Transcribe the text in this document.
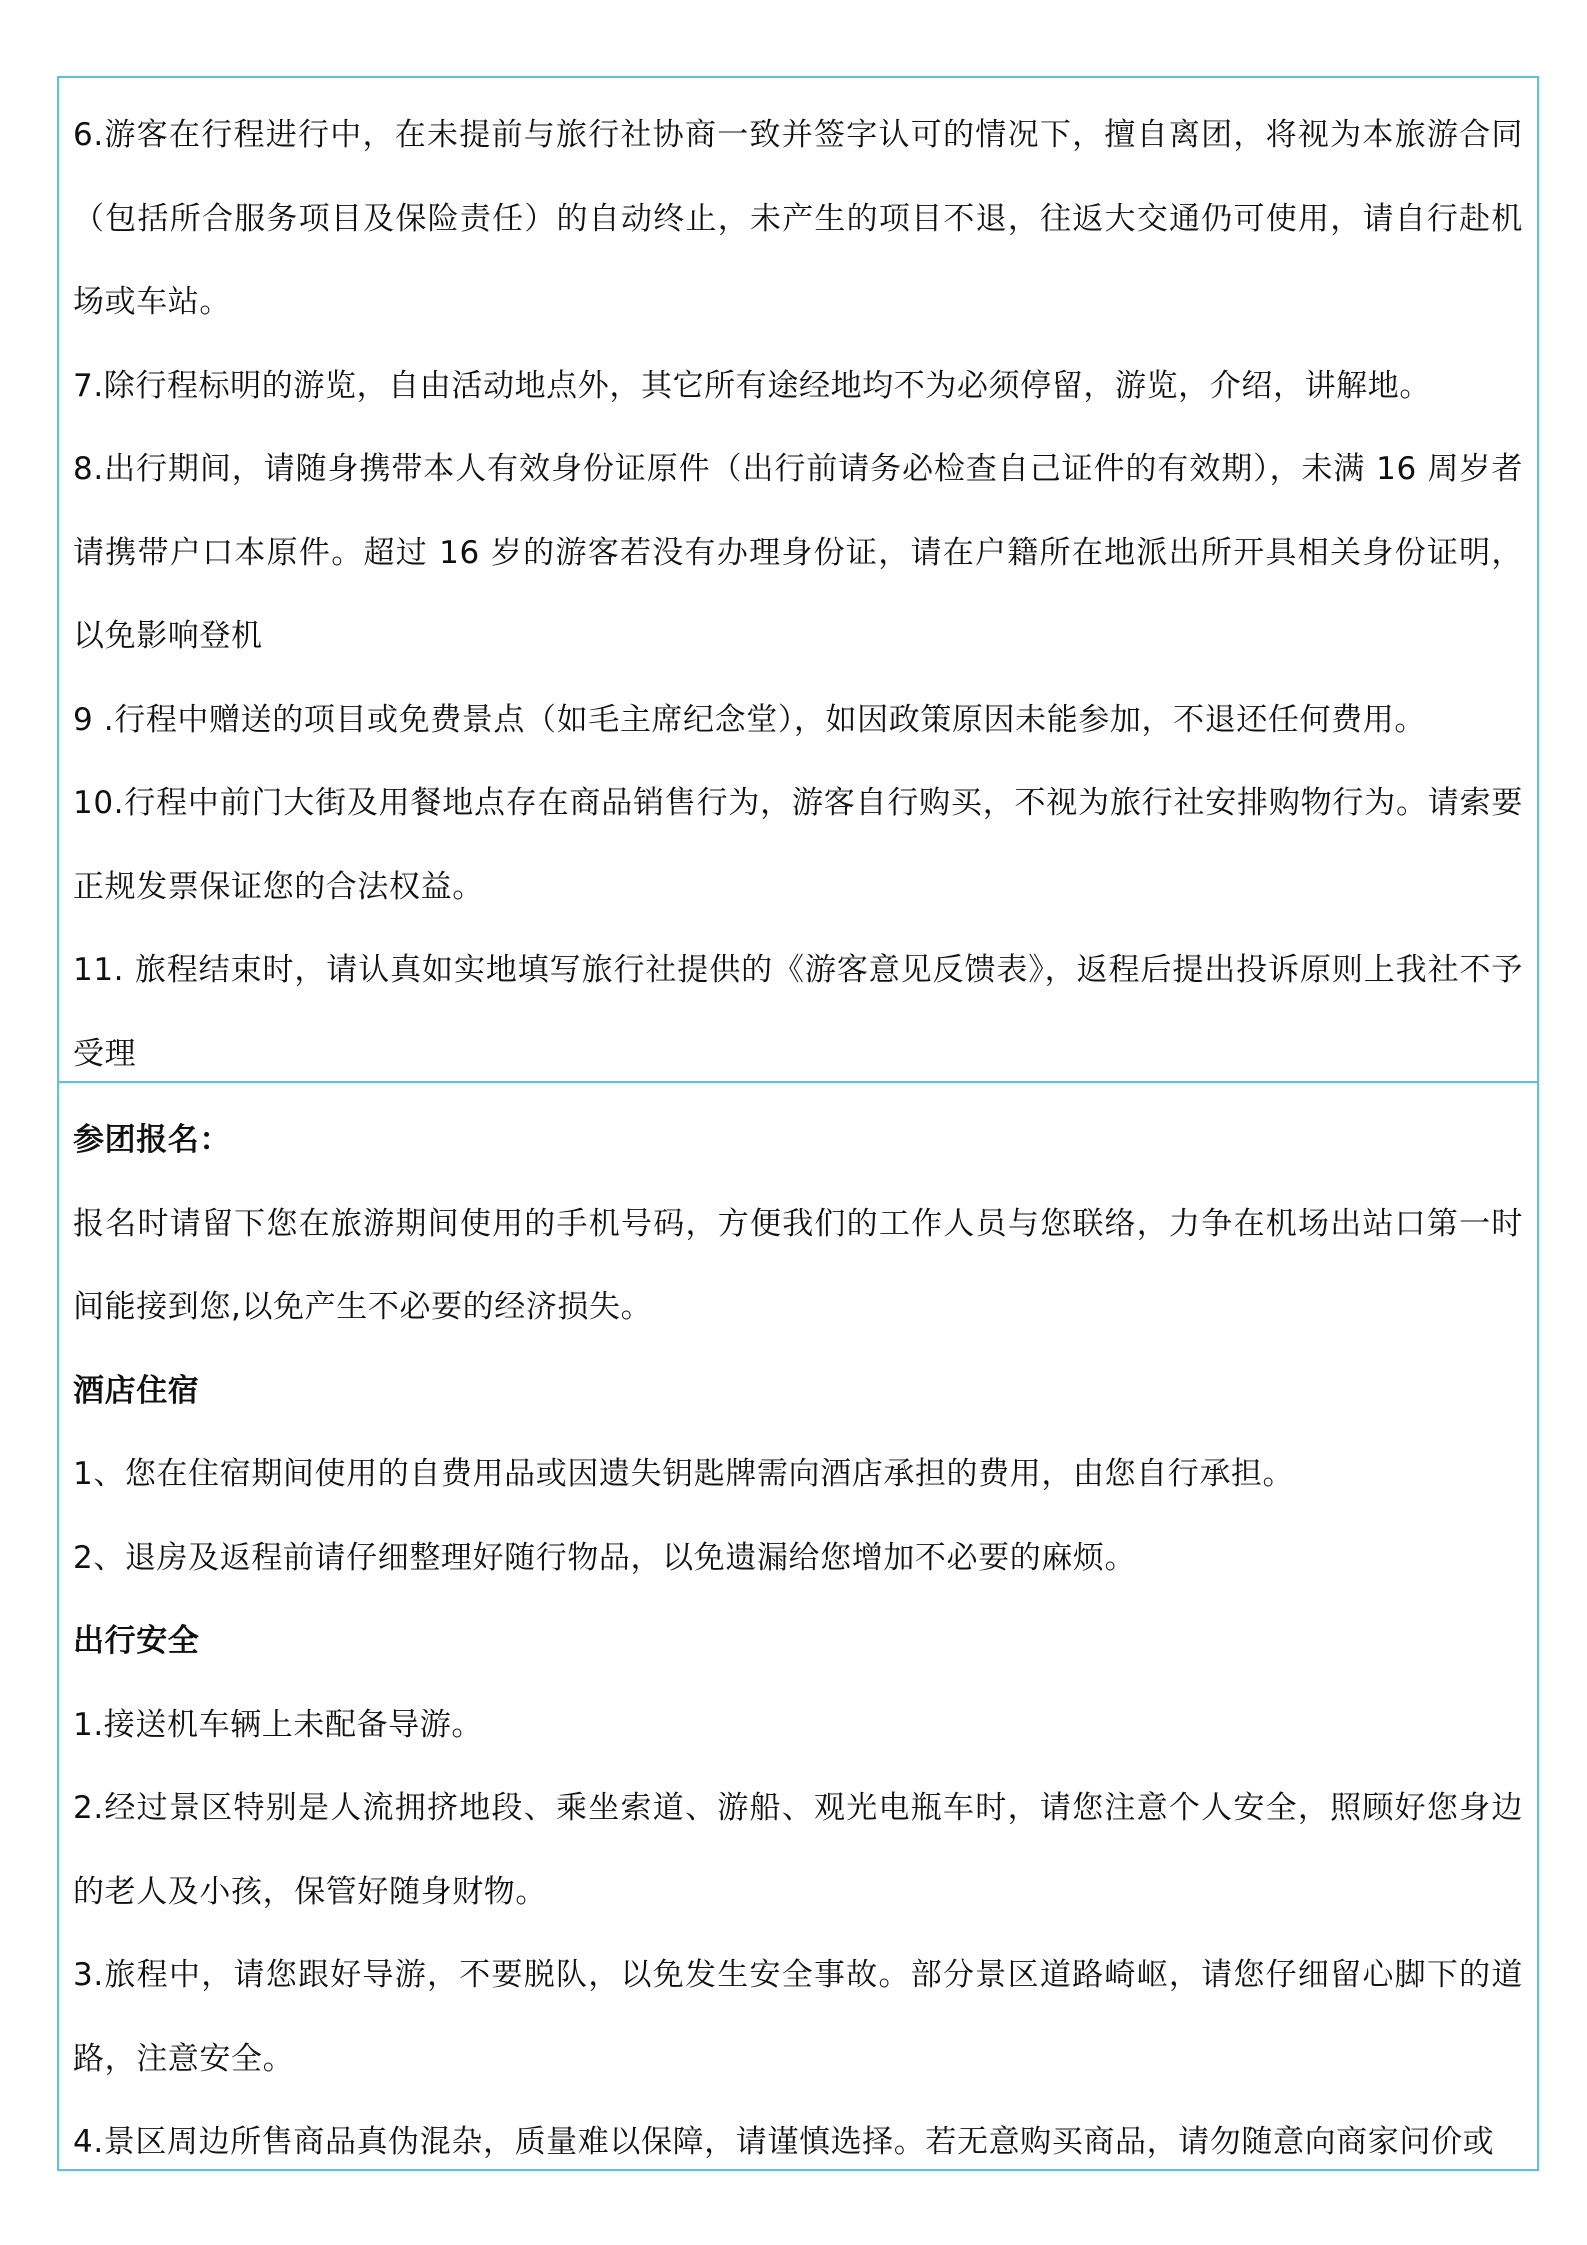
6.游客在行程进行中，在未提前与旅行社协商一致并签字认可的情况下，擅自离团，将视为本旅游合同（包括所合服务项目及保险责任）的自动终止，未产生的项目不退，往返大交通仍可使用，请自行赴机场或车站。

7.除行程标明的游览，自由活动地点外，其它所有途经地均不为必须停留，游览，介绍，讲解地。

8.出行期间，请随身携带本人有效身份证原件（出行前请务必检查自己证件的有效期），未满 16 周岁者请携带户口本原件。超过 16 岁的游客若没有办理身份证，请在户籍所在地派出所开具相关身份证明，以免影响登机

9 .行程中赠送的项目或免费景点（如毛主席纪念堂），如因政策原因未能参加，不退还任何费用。

10.行程中前门大街及用餐地点存在商品销售行为，游客自行购买，不视为旅行社安排购物行为。请索要正规发票保证您的合法权益。

11. 旅程结束时，请认真如实地填写旅行社提供的《游客意见反馈表》，返程后提出投诉原则上我社不予受理

参团报名：

报名时请留下您在旅游期间使用的手机号码，方便我们的工作人员与您联络，力争在机场出站口第一时间能接到您,以免产生不必要的经济损失。

酒店住宿

1、您在住宿期间使用的自费用品或因遗失钥匙牌需向酒店承担的费用，由您自行承担。

2、退房及返程前请仔细整理好随行物品，以免遗漏给您增加不必要的麻烦。

出行安全

1.接送机车辆上未配备导游。

2.经过景区特别是人流拥挤地段、乘坐索道、游船、观光电瓶车时，请您注意个人安全，照顾好您身边的老人及小孩，保管好随身财物。

3.旅程中，请您跟好导游，不要脱队，以免发生安全事故。部分景区道路崎岖，请您仔细留心脚下的道路，注意安全。

4.景区周边所售商品真伪混杂，质量难以保障，请谨慎选择。若无意购买商品，请勿随意向商家问价或
